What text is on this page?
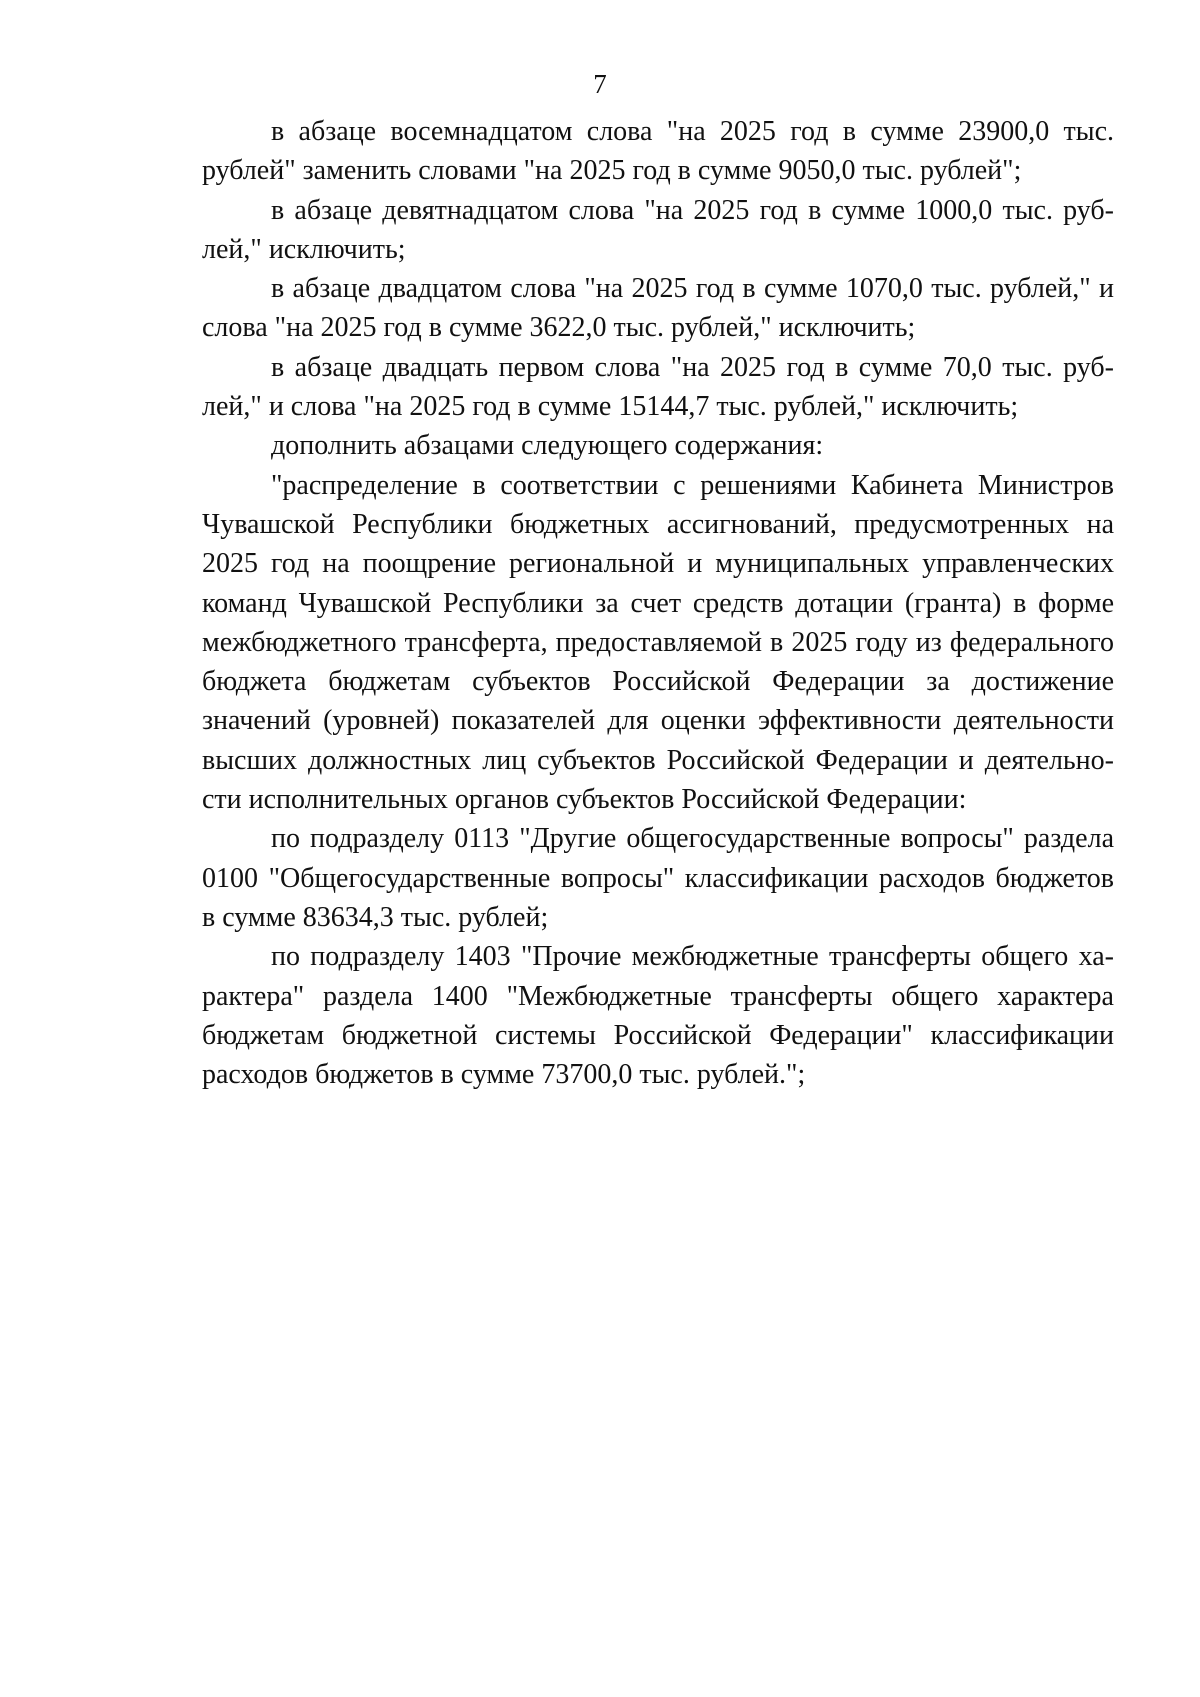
7

в абзаце восемнадцатом слова "на 2025 год в сумме 23900,0 тыс. рублей" заменить словами "на 2025 год в сумме 9050,0 тыс. рублей";

в абзаце девятнадцатом слова "на 2025 год в сумме 1000,0 тыс. рублей," исключить;

в абзаце двадцатом слова "на 2025 год в сумме 1070,0 тыс. рублей," и слова "на 2025 год в сумме 3622,0 тыс. рублей," исключить;

в абзаце двадцать первом слова "на 2025 год в сумме 70,0 тыс. рублей," и слова "на 2025 год в сумме 15144,7 тыс. рублей," исключить;

дополнить абзацами следующего содержания:

"распределение в соответствии с решениями Кабинета Министров Чувашской Республики бюджетных ассигнований, предусмотренных на 2025 год на поощрение региональной и муниципальных управленческих команд Чувашской Республики за счет средств дотации (гранта) в форме межбюджетного трансферта, предоставляемой в 2025 году из федерального бюджета бюджетам субъектов Российской Федерации за достижение значений (уровней) показателей для оценки эффективности деятельности высших должностных лиц субъектов Российской Федерации и деятельности исполнительных органов субъектов Российской Федерации:

по подразделу 0113 "Другие общегосударственные вопросы" раздела 0100 "Общегосударственные вопросы" классификации расходов бюджетов в сумме 83634,3 тыс. рублей;

по подразделу 1403 "Прочие межбюджетные трансферты общего характера" раздела 1400 "Межбюджетные трансферты общего характера бюджетам бюджетной системы Российской Федерации" классификации расходов бюджетов в сумме 73700,0 тыс. рублей.";
